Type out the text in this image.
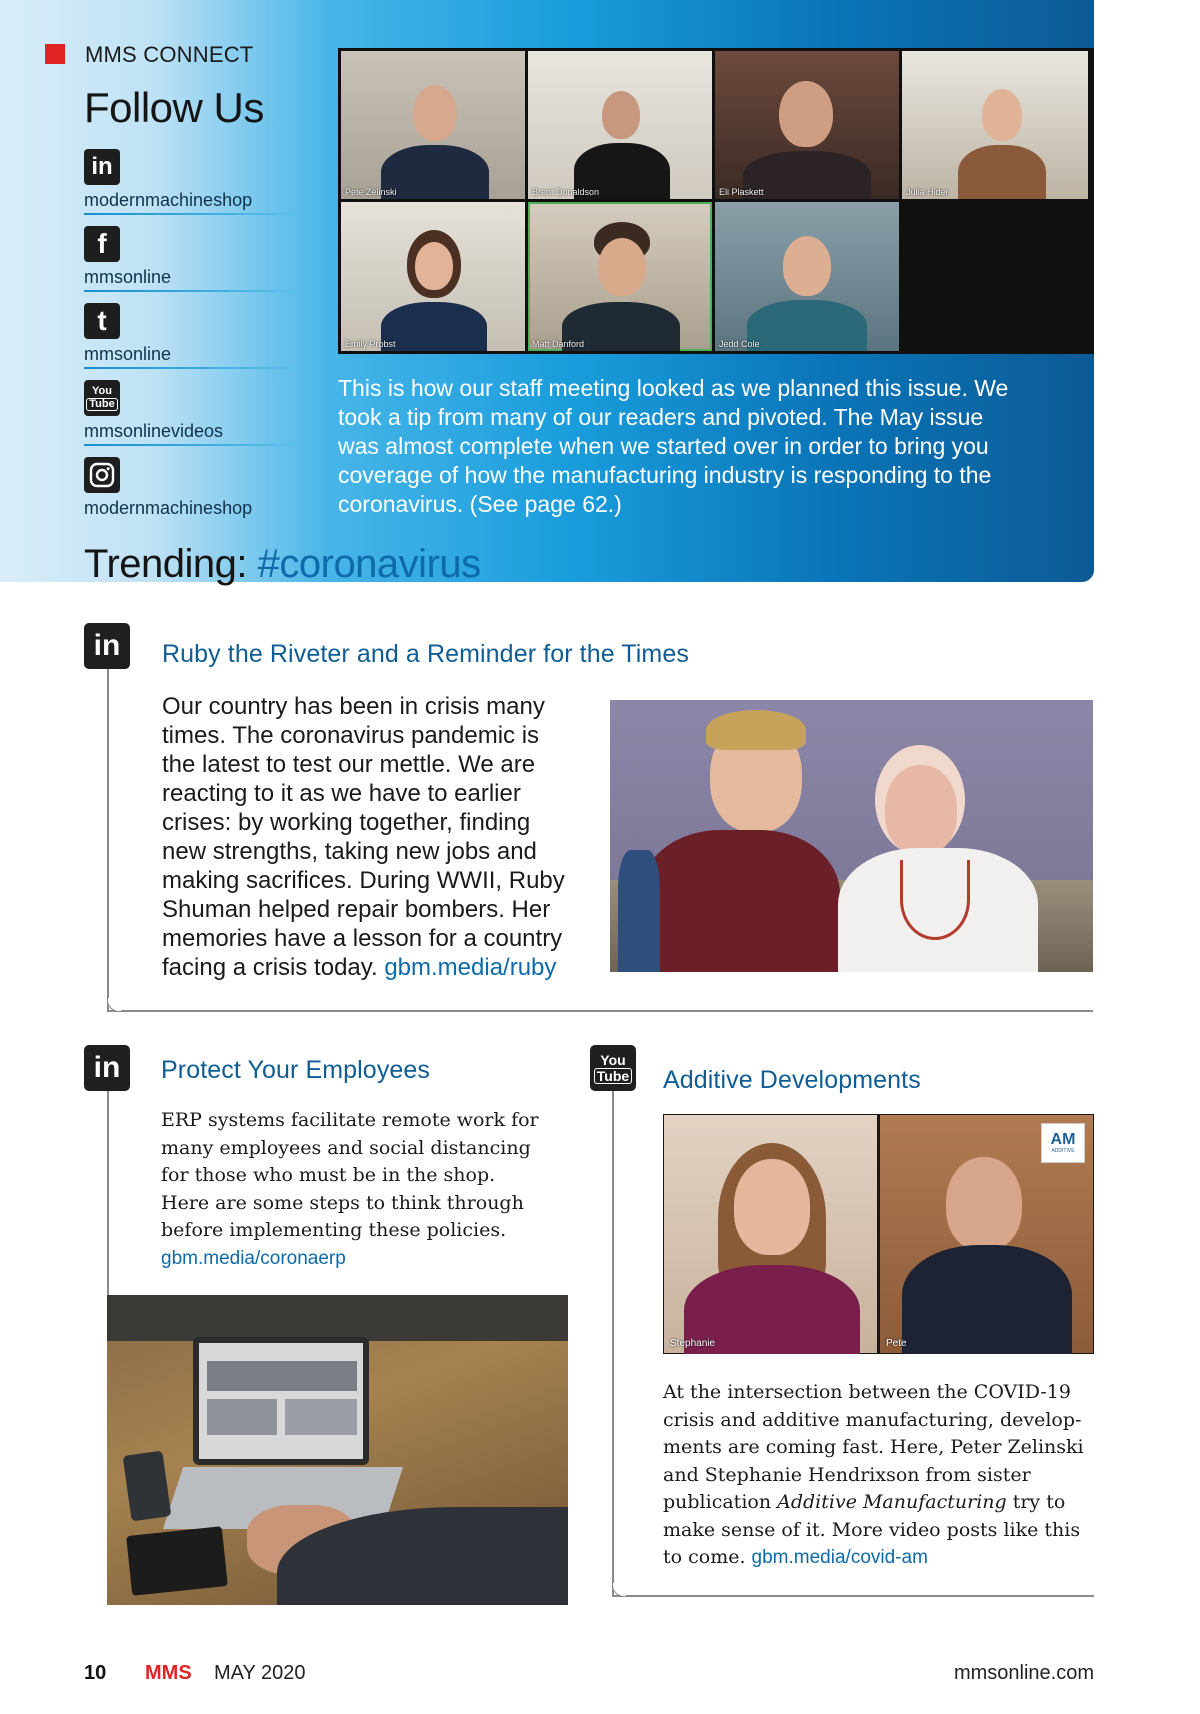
MMS CONNECT
Follow Us
in
modernmachineshop
f
mmsonline
t
mmsonline
You
Tube
mmsonlinevideos
modernmachineshop
Pete Zelinski	Brent Donaldson	Eli Plaskett	Julia Hider
Emily Probst	Matt Danford	Jedd Cole
This is how our staff meeting looked as we planned this issue. We took a tip from many of our readers and pivoted. The May issue was almost complete when we started over in order to bring you coverage of how the manufacturing industry is responding to the coronavirus. (See page 62.)
Trending: #coronavirus
in	Ruby the Riveter and a Reminder for the Times
Our country has been in crisis many times. The coronavirus pandemic is the latest to test our mettle. We are reacting to it as we have to earlier crises: by working together, finding new strengths, taking new jobs and making sacrifices. During WWII, Ruby Shuman helped repair bombers. Her memories have a lesson for a country facing a crisis today. gbm.media/ruby
in	Protect Your Employees
ERP systems facilitate remote work for many employees and social distancing for those who must be in the shop. Here are some steps to think through before implementing these policies.
gbm.media/coronaerp
You
Tube Additive Developments
Stephanie
AM
ADDITIVE
Pete
At the intersection between the COVID-19 crisis and additive manufacturing, develop-ments are coming fast. Here, Peter Zelinski and Stephanie Hendrixson from sister publication Additive Manufacturing try to make sense of it. More video posts like this to come. gbm.media/covid-am
10 MMS MAY 2020	mmsonline.com
